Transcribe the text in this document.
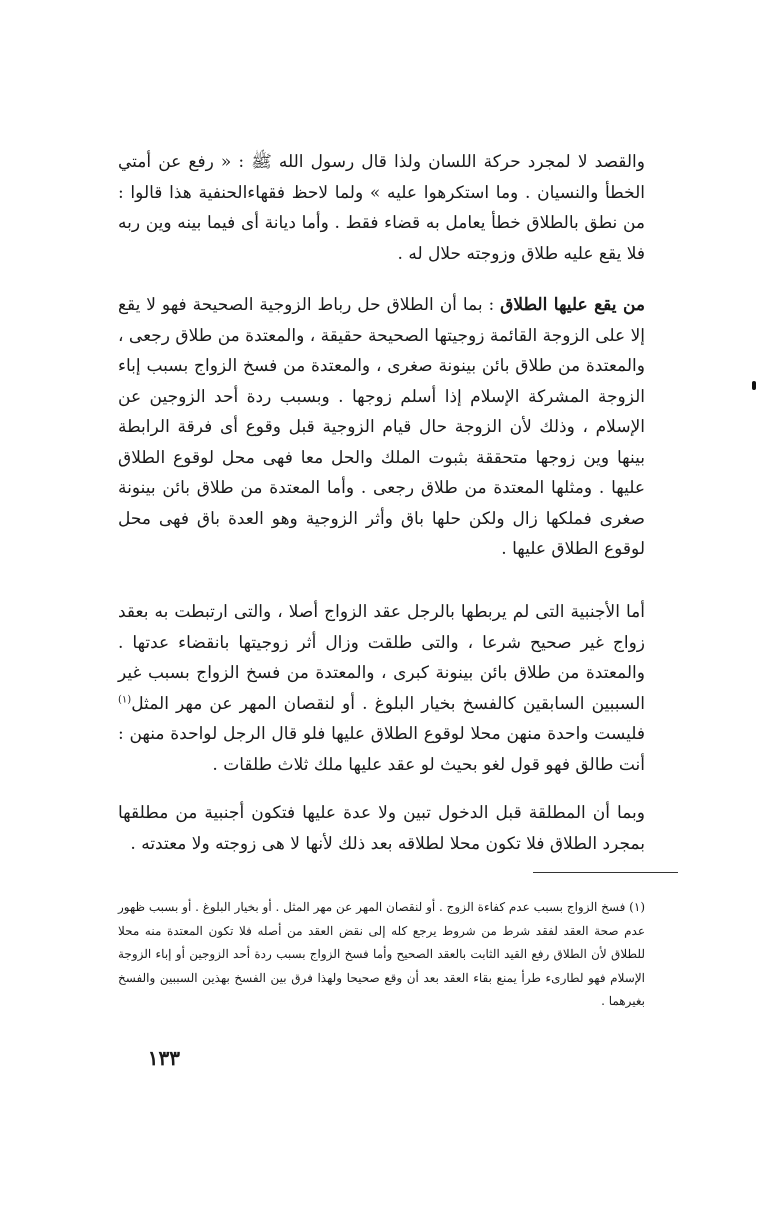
والقصد لا لمجرد حركة اللسان ولذا قال رسول الله ﷺ : « رفع عن أمتي الخطأ والنسيان . وما استكرهوا عليه » ولما لاحظ فقهاءالحنفية هذا قالوا : من نطق بالطلاق خطأ يعامل به قضاء فقط . وأما ديانة أى فيما بينه وين ربه فلا يقع عليه طلاق وزوجته حلال له .

من يقع عليها الطلاق : بما أن الطلاق حل رباط الزوجية الصحيحة فهو لا يقع إلا على الزوجة القائمة زوجيتها الصحيحة حقيقة ، والمعتدة من طلاق رجعى ، والمعتدة من طلاق بائن بينونة صغرى ، والمعتدة من فسخ الزواج بسبب إباء الزوجة المشركة الإسلام إذا أسلم زوجها . وبسبب ردة أحد الزوجين عن الإسلام ، وذلك لأن الزوجة حال قيام الزوجية قبل وقوع أى فرقة الرابطة بينها وين زوجها متحققة بثبوت الملك والحل معا فهى محل لوقوع الطلاق عليها . ومثلها المعتدة من طلاق رجعى . وأما المعتدة من طلاق بائن بينونة صغرى فملكها زال ولكن حلها باق وأثر الزوجية وهو العدة باق فهى محل لوقوع الطلاق عليها .

أما الأجنبية التى لم يربطها بالرجل عقد الزواج أصلا ، والتى ارتبطت به بعقد زواج غير صحيح شرعا ، والتى طلقت وزال أثر زوجيتها بانقضاء عدتها . والمعتدة من طلاق بائن بينونة كبرى ، والمعتدة من فسخ الزواج بسبب غير السببين السابقين كالفسخ بخيار البلوغ . أو لنقصان المهر عن مهر المثل$^{(١)}$ فليست واحدة منهن محلا لوقوع الطلاق عليها فلو قال الرجل لواحدة منهن : أنت طالق فهو قول لغو بحيث لو عقد عليها ملك ثلاث طلقات .

وبما أن المطلقة قبل الدخول تبين ولا عدة عليها فتكون أجنبية من مطلقها بمجرد الطلاق فلا تكون محلا لطلاقه بعد ذلك لأنها لا هى زوجته ولا معتدته .

(١) فسخ الزواج بسبب عدم كفاءة الزوج . أو لنقصان المهر عن مهر المثل . أو بخيار البلوغ . أو بسبب ظهور عدم صحة العقد لفقد شرط من شروط يرجع كله إلى نقض العقد من أصله فلا تكون المعتدة منه محلا للطلاق لأن الطلاق رفع القيد الثابت بالعقد الصحيح وأما فسخ الزواج بسبب ردة أحد الزوجين أو إباء الزوجة الإسلام فهو لطارىء طرأ يمنع بقاء العقد بعد أن وقع صحيحا ولهذا فرق بين الفسخ بهذين السببين والفسخ بغيرهما .

١٣٣
